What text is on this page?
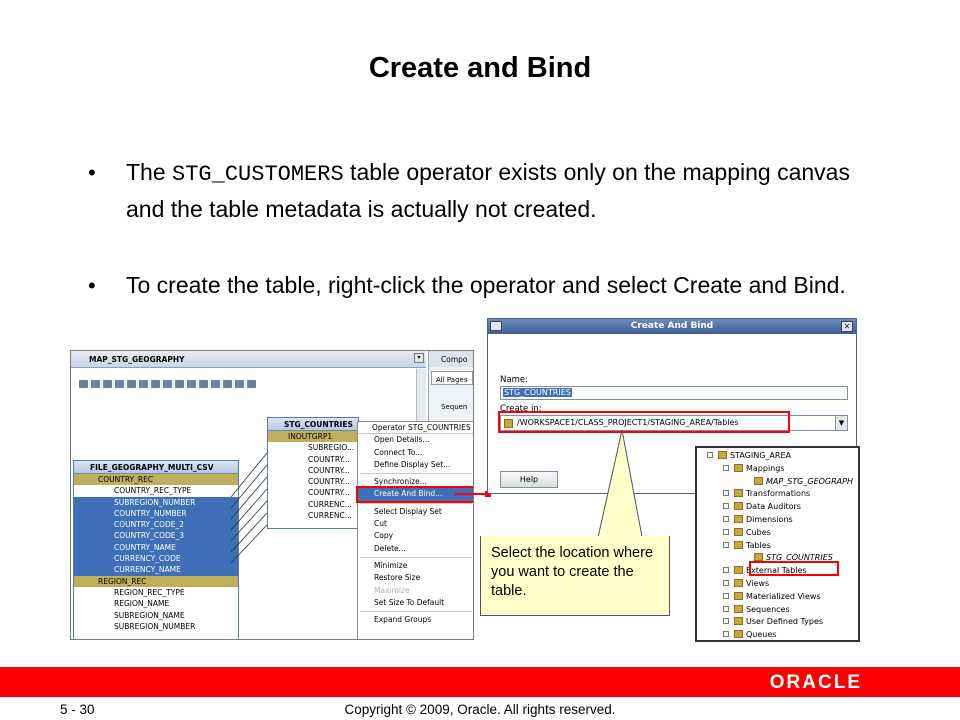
Create and Bind
• The STG_CUSTOMERS table operator exists only on the mapping canvas and the table metadata is actually not created.
• To create the table, right-click the operator and select Create and Bind.
MAP_STG_GEOGRAPHY	▾	Compo
All Pages
Sequen
FILE_GEOGRAPHY_MULTI_CSV
COUNTRY_REC
COUNTRY_REC_TYPE
SUBREGION_NUMBER
COUNTRY_NUMBER
COUNTRY_CODE_2
COUNTRY_CODE_3
COUNTRY_NAME
CURRENCY_CODE
CURRENCY_NAME
REGION_REC
REGION_REC_TYPE
REGION_NAME
SUBREGION_NAME
SUBREGION_NUMBER
STG_COUNTRIES
INOUTGRP1
SUBREGIO...
COUNTRY...
COUNTRY...
COUNTRY...
COUNTRY...
CURRENC...
CURRENC...
Operator STG_COUNTRIES
Open Details...
Connect To...
Define Display Set...
Synchronize...
Create And Bind...
Select Display Set
Cut
Copy
Delete...
Minimize
Restore Size
Maximize
Set Size To Default
Expand Groups
Create And Bind	✕
Name:
STG_COUNTRIES
Create in:
/WORKSPACE1/CLASS_PROJECT1/STAGING_AREA/Tables	▼
Help
STAGING_AREA
Mappings
MAP_STG_GEOGRAPH
Transformations
Data Auditors
Dimensions
Cubes
Tables
STG_COUNTRIES
External Tables
Views
Materialized Views
Sequences
User Defined Types
Queues
Select the location where you want to create the table.
ORACLE
5 - 30	Copyright © 2009, Oracle. All rights reserved.
